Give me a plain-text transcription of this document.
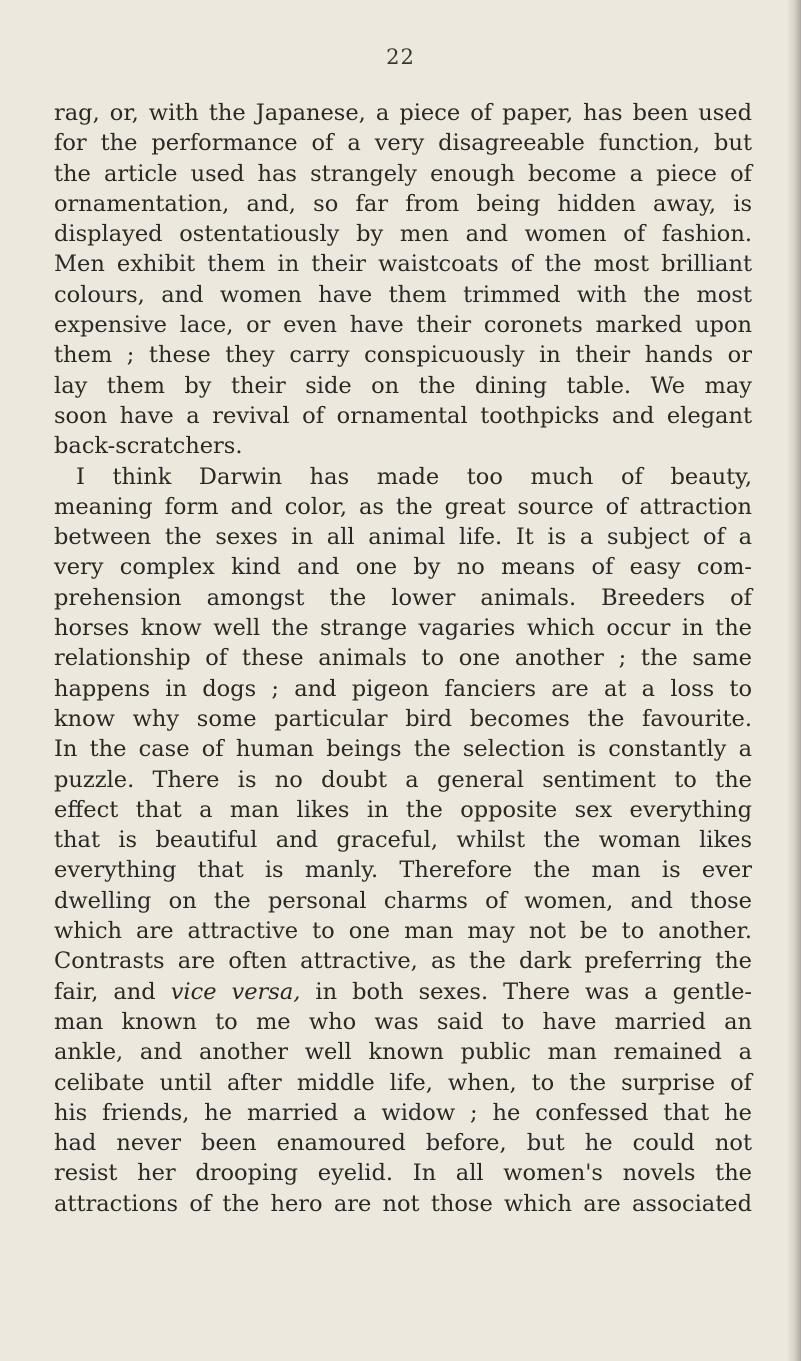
22
rag, or, with the Japanese, a piece of paper, has been used
for the performance of a very disagreeable function, but
the article used has strangely enough become a piece of
ornamentation, and, so far from being hidden away, is
displayed ostentatiously by men and women of fashion.
Men exhibit them in their waistcoats of the most brilliant
colours, and women have them trimmed with the most
expensive lace, or even have their coronets marked upon
them ; these they carry conspicuously in their hands or
lay them by their side on the dining table. We may
soon have a revival of ornamental toothpicks and elegant
back-scratchers.
I think Darwin has made too much of beauty,
meaning form and color, as the great source of attraction
between the sexes in all animal life. It is a subject of a
very complex kind and one by no means of easy com-
prehension amongst the lower animals. Breeders of
horses know well the strange vagaries which occur in the
relationship of these animals to one another ; the same
happens in dogs ; and pigeon fanciers are at a loss to
know why some particular bird becomes the favourite.
In the case of human beings the selection is constantly a
puzzle. There is no doubt a general sentiment to the
effect that a man likes in the opposite sex everything
that is beautiful and graceful, whilst the woman likes
everything that is manly. Therefore the man is ever
dwelling on the personal charms of women, and those
which are attractive to one man may not be to another.
Contrasts are often attractive, as the dark preferring the
fair, and vice versa, in both sexes. There was a gentle-
man known to me who was said to have married an
ankle, and another well known public man remained a
celibate until after middle life, when, to the surprise of
his friends, he married a widow ; he confessed that he
had never been enamoured before, but he could not
resist her drooping eyelid. In all women's novels the
attractions of the hero are not those which are associated
